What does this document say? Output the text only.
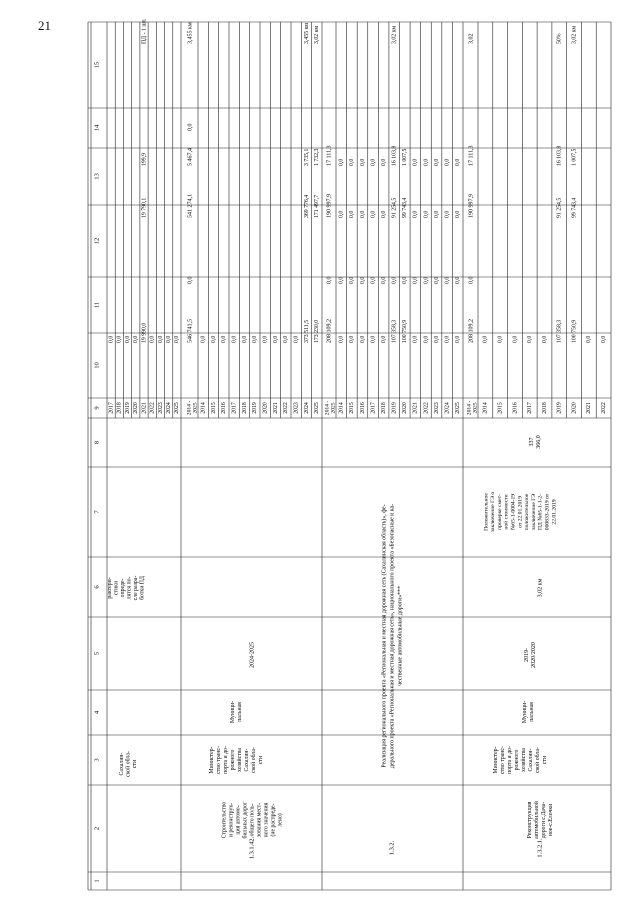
21
1
2
3
4
5
6
7
8
9
10
11
12
13
14
15
2017
0,0
2018
0,0
2019
0,0
2020
0,0
2021
19 990,0
2022
0,0
2023
0,0
2024
0,0
2025
0,0
Сахалин- ской обла- сти
рактери- стики опреде- лятся по- сле разра- ботки ПД
19 790,1
199,9
ПД - 1 шт.
2014 - 2025
546 741,5
0,0
541 274,1
5 467,4
0,0
3,455 км
2014
0,0
2015
0,0
2016
0,0
2017
0,0
2018
0,0
2019
0,0
2020
0,0
2021
0,0
2022
0,0
2023
0,0
2024
373 511,5
2025
173 230,0
369 776,4 171 497,7
3 735,1 1 732,3
3,455 км 3,02 км
1.3.1.42.
Строительство и реконструк- ция автомо- бильных дорог общего поль- зования мест- ного значения (не распреде- лено)
Министер- ство транс- порта и до- рожного хозяйства Сахалин- ской обла- сти
Муници- пальная
2024-2025
2014 - 2025
208 109,2
0,0
190 997,9
17 111,3
2014
0,0
0,0
0,0
0,0
2015
0,0
0,0
0,0
0,0
2016
0,0
0,0
0,0
0,0
2017
0,0
0,0
0,0
0,0
2018
0,0
0,0
0,0
0,0
2019
107 358,3
0,0
91 254,5
16 103,8
2020
100 750,9
0,0
99 743,4
1 007,5
2021
0,0
0,0
0,0
0,0
2022
0,0
0,0
0,0
0,0
2023
0,0
0,0
0,0
0,0
2024
0,0
0,0
0,0
0,0
2025
0,0
0,0
0,0
0,0
3,02 км
1.3.2.
Реализация регионального проекта «Региональная и местная дорожная сеть (Сахалинская область)», фе- дерального проекта «Региональная и местная дорожная сеть», национального проекта «Безопасные и ка- чественные автомобильные дороги»***
2014 - 2025
208 109,2
0,0
190 997,9
17 111,3
3,02
2014
0,0
2015
0,0
2016
0,0
2017
0,0
2018
0,0
2019
107 358,3
2020
100 750,9
2021
0,0
2022
0,0
91 254,5 99 743,4
16 103,8 1 007,5
50% 3,02 км
1.3.2.1.
Реконструкция автомобильной дороги с.Дача- нoe-с.Елочки
Министер- ство транс- порта и до- рожного хозяйства Сахалин- ской обла- сти
Муници- пальная
2019- 2020/2020
3,02 км
Положительное заключение ГЭ о проверке смет- ной стоимости №65-1-0004-19 от 22.01.2019 положительное заключение ГЭ ПД №65-1-1-2- 000833-2019 от 22.01.2019
337 366,0
